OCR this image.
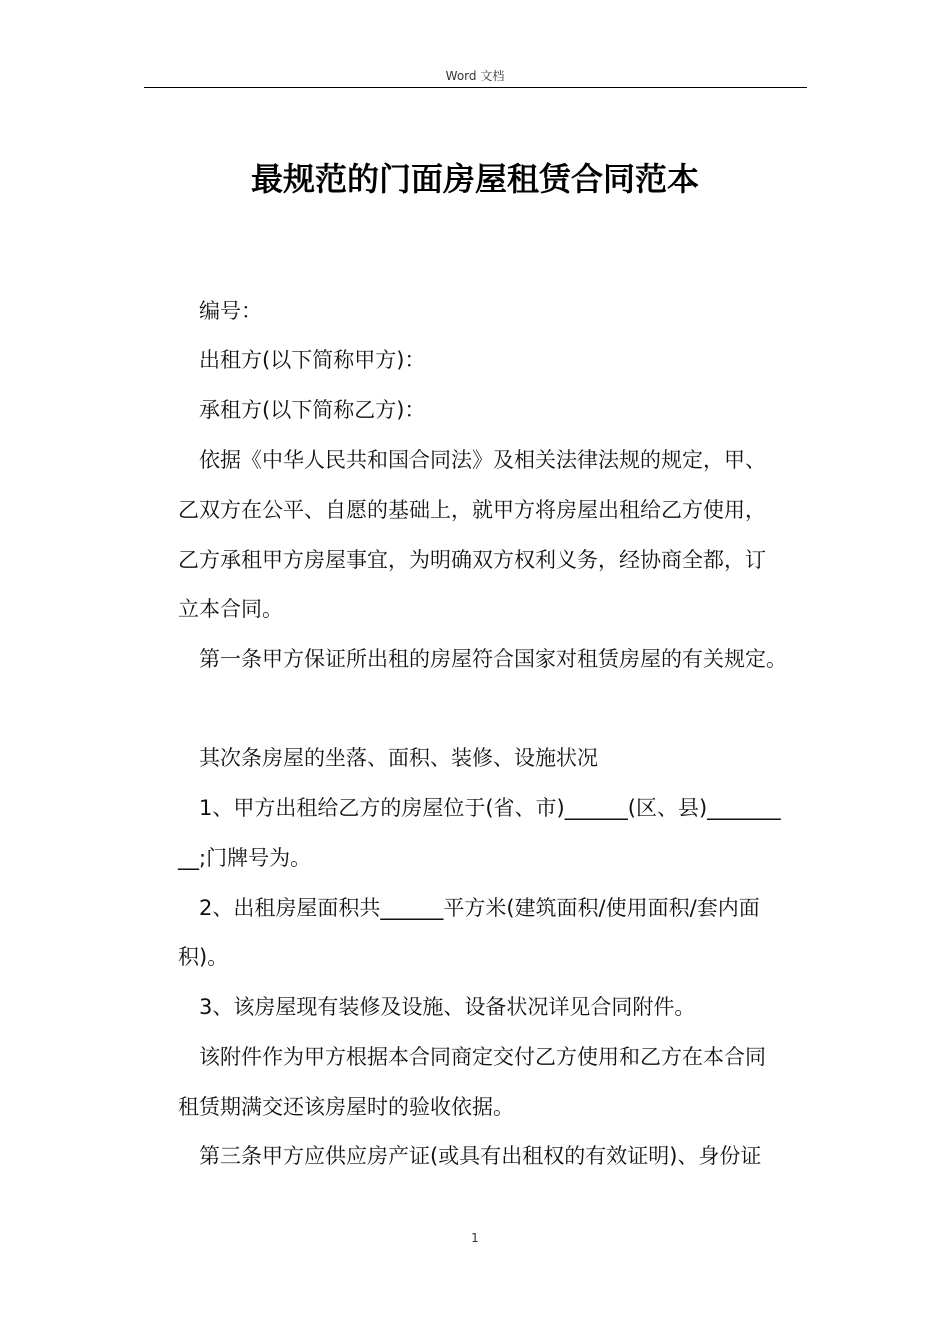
Word 文档
最规范的门面房屋租赁合同范本
编号：
出租方(以下简称甲方)：
承租方(以下简称乙方)：
依据《中华人民共和国合同法》及相关法律法规的规定，甲、
乙双方在公平、自愿的基础上，就甲方将房屋出租给乙方使用，
乙方承租甲方房屋事宜，为明确双方权利义务，经协商全都，订
立本合同。
第一条甲方保证所出租的房屋符合国家对租赁房屋的有关规定。
其次条房屋的坐落、面积、装修、设施状况
1、甲方出租给乙方的房屋位于(省、市)______(区、县)_______
__;门牌号为。
2、出租房屋面积共______平方米(建筑面积/使用面积/套内面
积)。
3、该房屋现有装修及设施、设备状况详见合同附件。
该附件作为甲方根据本合同商定交付乙方使用和乙方在本合同
租赁期满交还该房屋时的验收依据。
第三条甲方应供应房产证(或具有出租权的有效证明)、身份证
1
